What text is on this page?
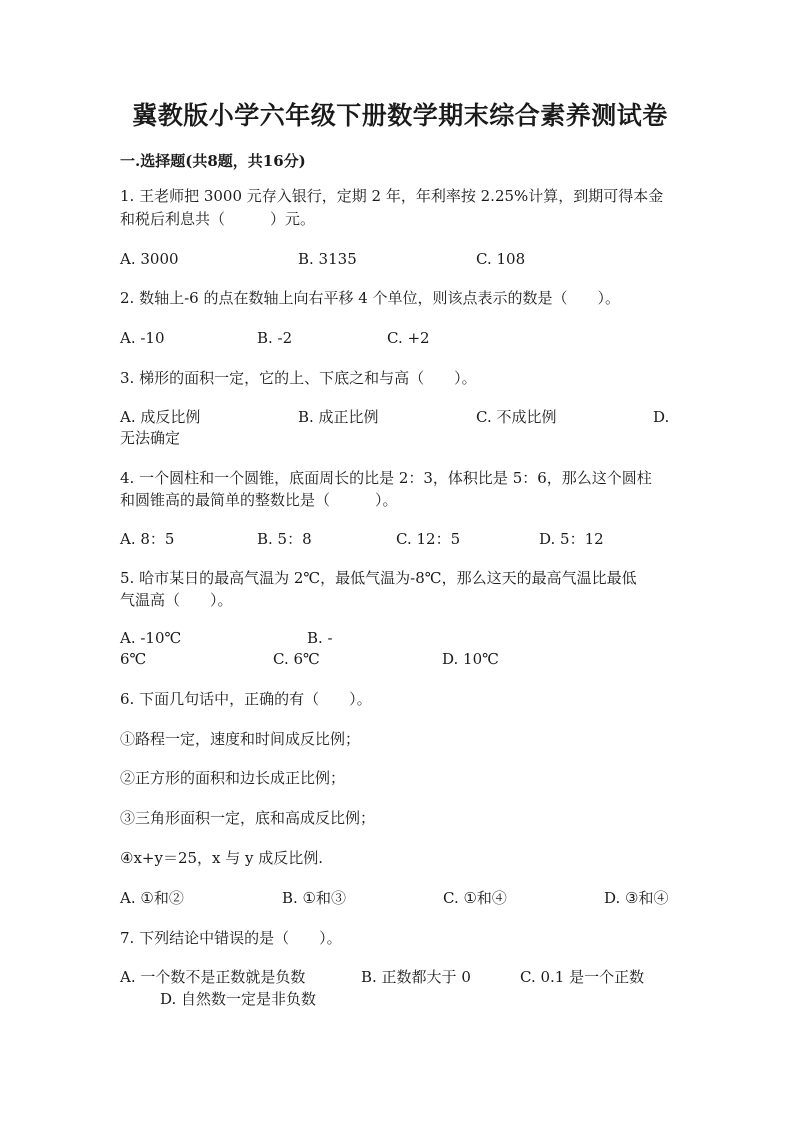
冀教版小学六年级下册数学期末综合素养测试卷
一.选择题(共8题，共16分)
1. 王老师把 3000 元存入银行，定期 2 年，年利率按 2.25%计算，到期可得本金
和税后利息共（　　　）元。
A. 3000	B. 3135	C. 108
2. 数轴上-6 的点在数轴上向右平移 4 个单位，则该点表示的数是（　　）。
A. -10	B. -2	C. +2
3. 梯形的面积一定，它的上、下底之和与高（　　）。
A. 成反比例	B. 成正比例	C. 不成比例	D.
无法确定
4. 一个圆柱和一个圆锥，底面周长的比是 2：3，体积比是 5：6，那么这个圆柱
和圆锥高的最简单的整数比是（　　　）。
A. 8：5	B. 5：8	C. 12：5	D. 5：12
5. 哈市某日的最高气温为 2℃，最低气温为-8℃，那么这天的最高气温比最低
气温高（　　）。
A. -10℃	B. -
6℃	C. 6℃	D. 10℃
6. 下面几句话中，正确的有（　　）。
①路程一定，速度和时间成反比例；
②正方形的面积和边长成正比例；
③三角形面积一定，底和高成反比例；
④x+y＝25，x 与 y 成反比例.
A. ①和②	B. ①和③	C. ①和④	D. ③和④
7. 下列结论中错误的是（　　）。
A. 一个数不是正数就是负数	B. 正数都大于 0	C. 0.1 是一个正数
D. 自然数一定是非负数
